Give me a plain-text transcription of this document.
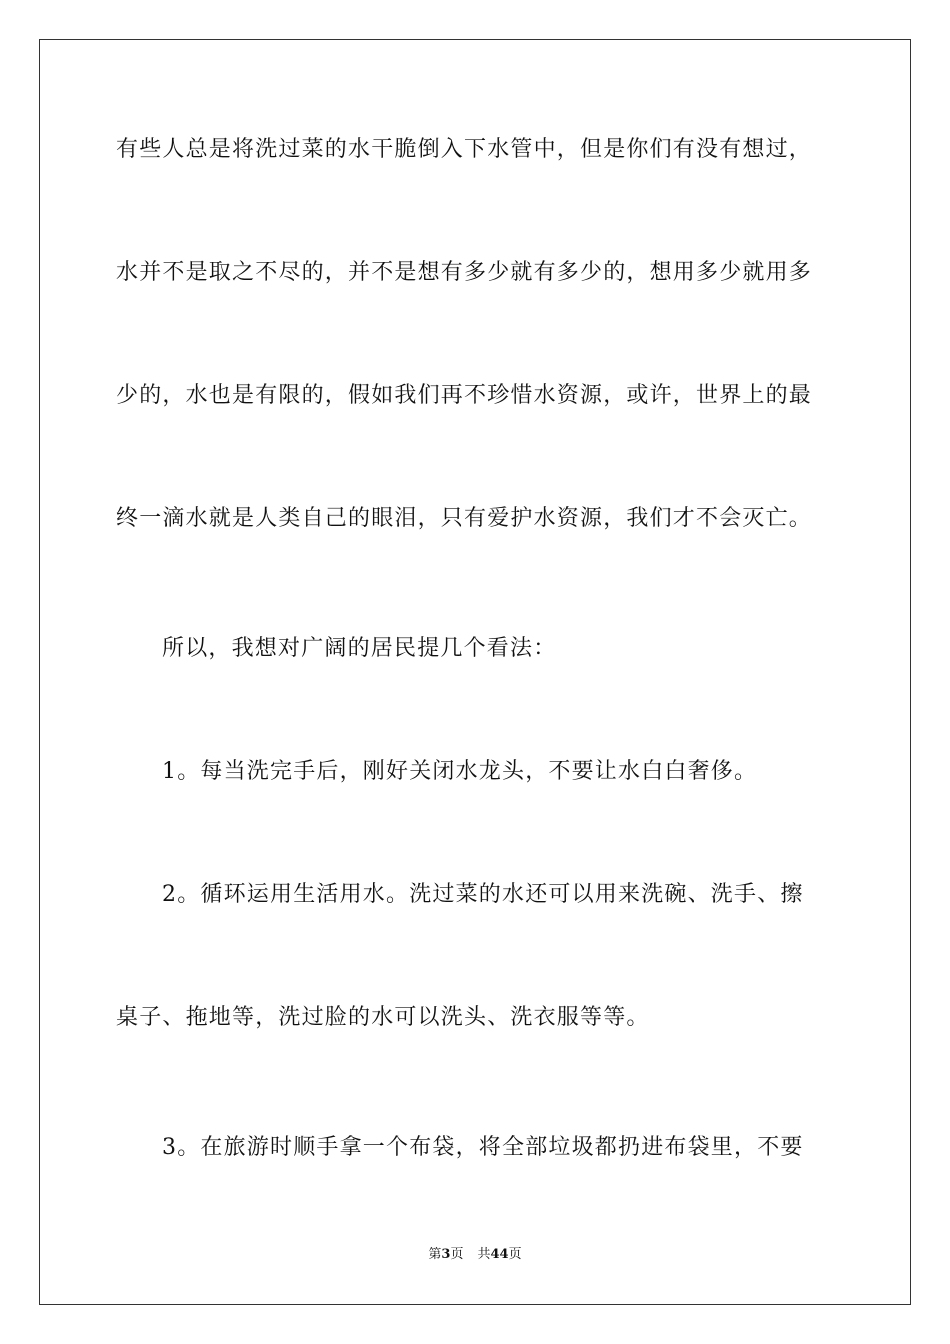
有些人总是将洗过菜的水干脆倒入下水管中，但是你们有没有想过，
水并不是取之不尽的，并不是想有多少就有多少的，想用多少就用多
少的，水也是有限的，假如我们再不珍惜水资源，或许，世界上的最
终一滴水就是人类自己的眼泪，只有爱护水资源，我们才不会灭亡。
所以，我想对广阔的居民提几个看法：
1。每当洗完手后，刚好关闭水龙头，不要让水白白奢侈。
2。循环运用生活用水。洗过菜的水还可以用来洗碗、洗手、擦
桌子、拖地等，洗过脸的水可以洗头、洗衣服等等。
3。在旅游时顺手拿一个布袋，将全部垃圾都扔进布袋里，不要
第3页 共44页
